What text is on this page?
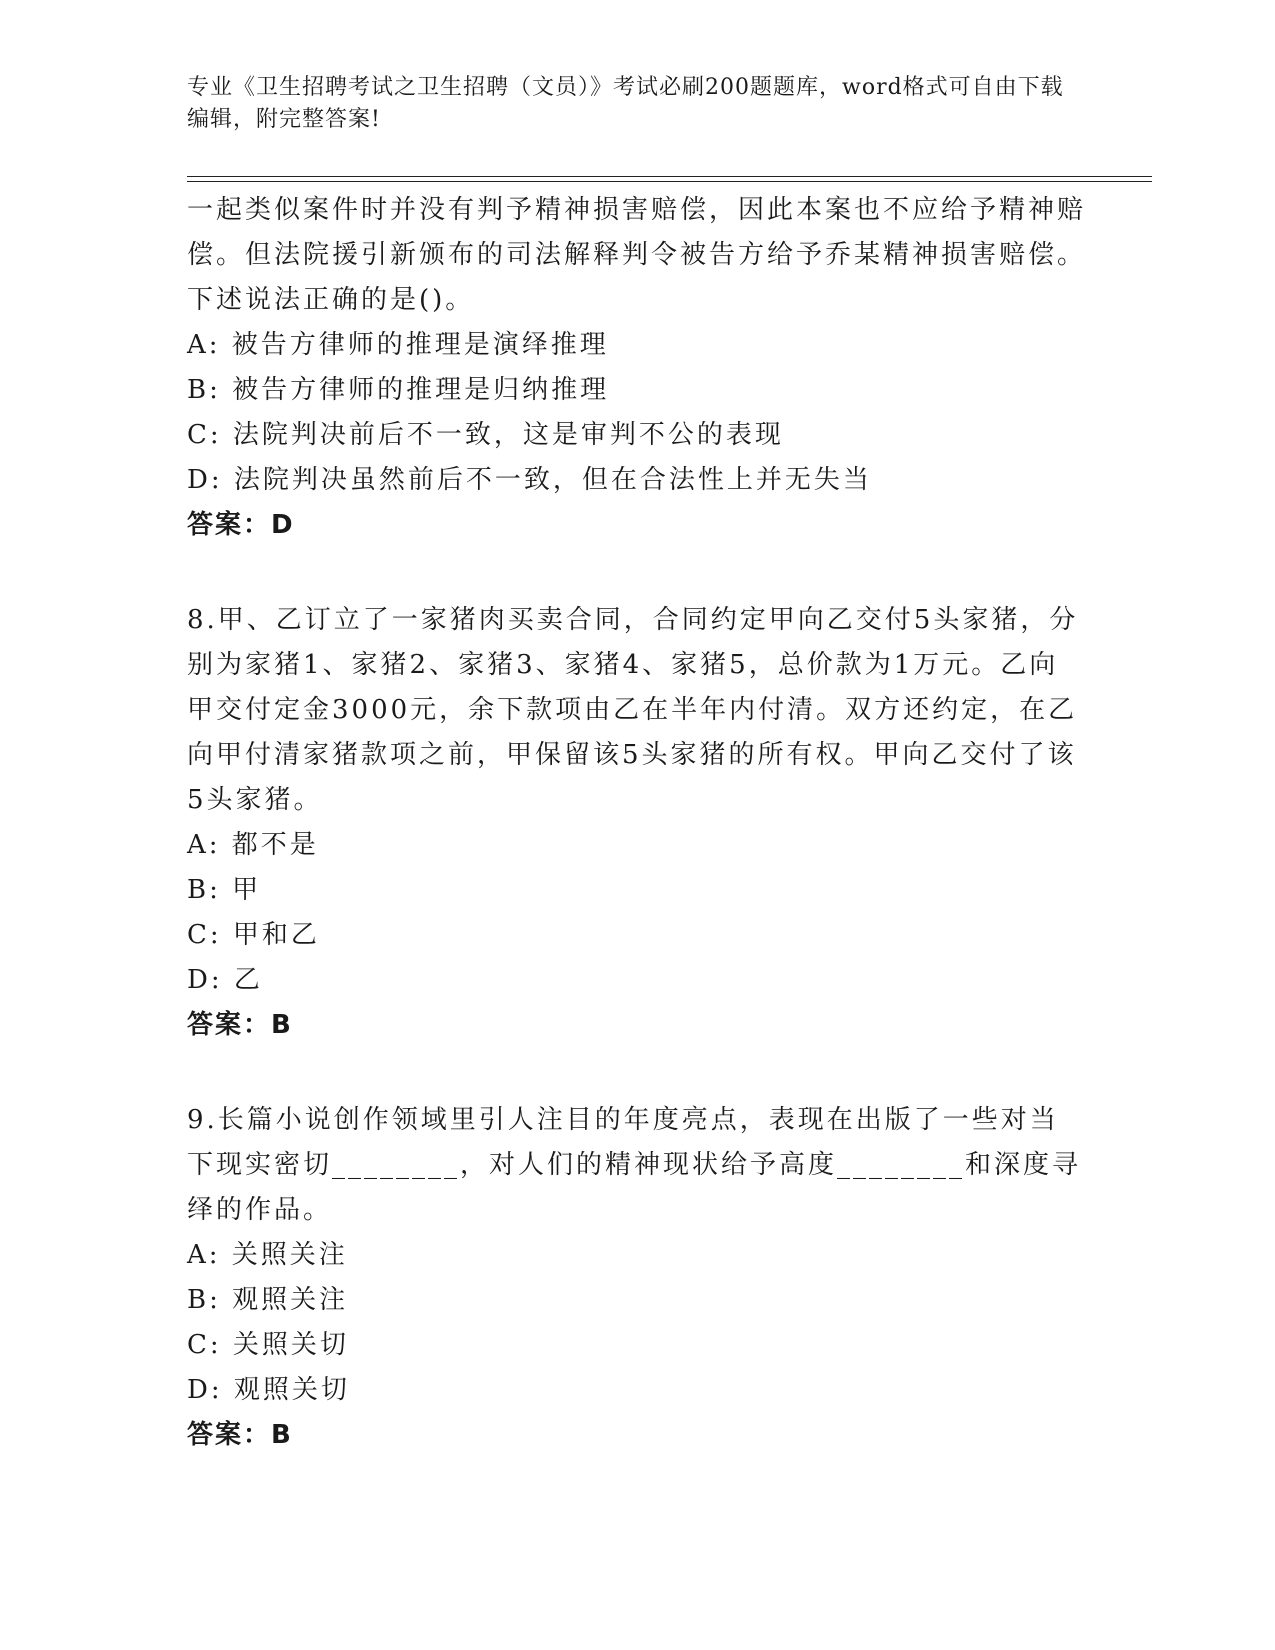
专业《卫生招聘考试之卫生招聘（文员）》考试必刷200题题库，word格式可自由下载编辑，附完整答案!

一起类似案件时并没有判予精神损害赔偿，因此本案也不应给予精神赔偿。但法院援引新颁布的司法解释判令被告方给予乔某精神损害赔偿。下述说法正确的是()。

A: 被告方律师的推理是演绎推理

B: 被告方律师的推理是归纳推理

C: 法院判决前后不一致，这是审判不公的表现

D: 法院判决虽然前后不一致，但在合法性上并无失当

答案：D

8.甲、乙订立了一家猪肉买卖合同，合同约定甲向乙交付5头家猪，分别为家猪1、家猪2、家猪3、家猪4、家猪5，总价款为1万元。乙向甲交付定金3000元，余下款项由乙在半年内付清。双方还约定，在乙向甲付清家猪款项之前，甲保留该5头家猪的所有权。甲向乙交付了该5头家猪。

A: 都不是

B: 甲

C: 甲和乙

D: 乙

答案：B

9.长篇小说创作领域里引人注目的年度亮点，表现在出版了一些对当下现实密切________，对人们的精神现状给予高度________和深度寻绎的作品。

A: 关照关注

B: 观照关注

C: 关照关切

D: 观照关切

答案：B
